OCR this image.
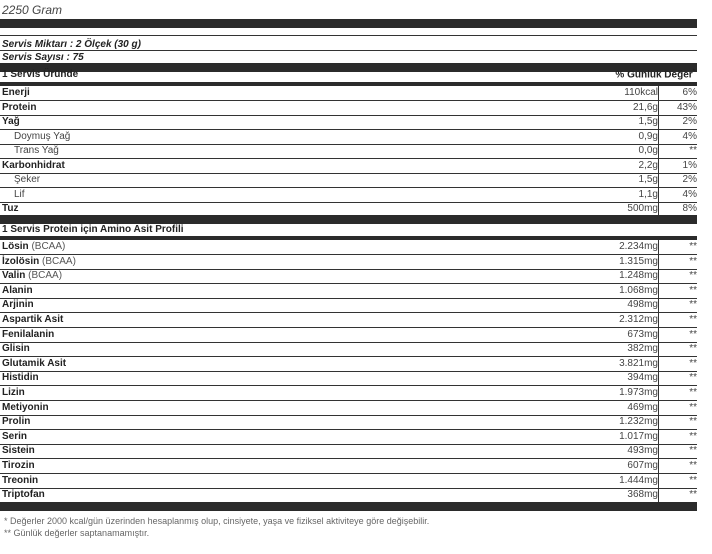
2250 Gram
Servis Miktarı : 2 Ölçek (30 g)
Servis Sayısı : 75
1 Servis Üründe	% Günlük Değer*
Enerji	110kcal 6%
Protein	21,6g 43%
Yağ	1,5g 2%
Doymuş Yağ	0,9g 4%
Trans Yağ	0,0g	**
Karbonhidrat	2,2g 1%
Şeker	1,5g 2%
Lif	1,1g 4%
Tuz	500mg 8%
1 Servis Protein için Amino Asit Profili
Lösin (BCAA)	2.234mg	**
İzolösin (BCAA)	1.315mg	**
Valin (BCAA)	1.248mg	**
Alanin	1.068mg	**
Arjinin	498mg	**
Aspartik Asit	2.312mg	**
Fenilalanin	673mg	**
Glisin	382mg	**
Glutamik Asit	3.821mg	**
Histidin	394mg	**
Lizin	1.973mg	**
Metiyonin	469mg	**
Prolin	1.232mg	**
Serin	1.017mg	**
Sistein	493mg	**
Tirozin	607mg	**
Treonin	1.444mg	**
Triptofan	368mg	**
* Değerler 2000 kcal/gün üzerinden hesaplanmış olup, cinsiyete, yaşa ve fiziksel aktiviteye göre değişebilir.
** Günlük değerler saptanamamıştır.
